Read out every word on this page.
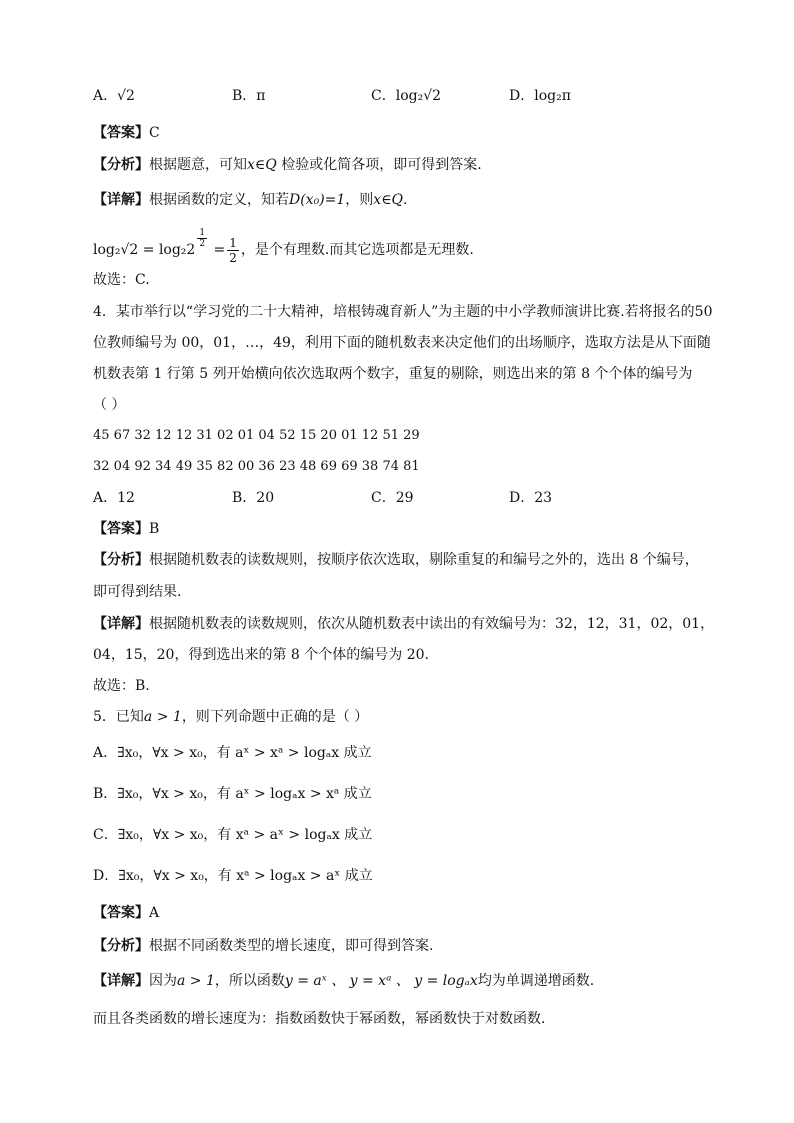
A．√2	B．π	C．log₂√2	D．log₂π
【答案】C
【分析】根据题意，可知x∈Q 检验或化简各项，即可得到答案.
【详解】根据函数的定义，知若D(x₀)=1，则x∈Q.
log₂√2 = log₂2
$^{\frac{1}{2}}$
= $\frac{1}{2}$ ，是个有理数.而其它选项都是无理数.
故选：C.
4．某市举行以“学习党的二十大精神，培根铸魂育新人”为主题的中小学教师演讲比赛.若将报名的50
位教师编号为 00，01，…，49，利用下面的随机数表来决定他们的出场顺序，选取方法是从下面随
机数表第 1 行第 5 列开始横向依次选取两个数字，重复的剔除，则选出来的第 8 个个体的编号为
（ ）
45 67 32 12 12 31 02 01 04 52 15 20 01 12 51 29
32 04 92 34 49 35 82 00 36 23 48 69 69 38 74 81
A．12	B．20	C．29	D．23
【答案】B
【分析】根据随机数表的读数规则，按顺序依次选取，剔除重复的和编号之外的，选出 8 个编号，
即可得到结果.
【详解】根据随机数表的读数规则，依次从随机数表中读出的有效编号为：32，12，31，02，01，
04，15，20，得到选出来的第 8 个个体的编号为 20.
故选：B.
5．已知a > 1，则下列命题中正确的是（ ）
A．∃x₀，∀x > x₀，有 aˣ > xᵃ > logₐx 成立
B．∃x₀，∀x > x₀，有 aˣ > logₐx > xᵃ 成立
C．∃x₀，∀x > x₀，有 xᵃ > aˣ > logₐx 成立
D．∃x₀，∀x > x₀，有 xᵃ > logₐx > aˣ 成立
【答案】A
【分析】根据不同函数类型的增长速度，即可得到答案.
【详解】因为a > 1，所以函数y = aˣ 、 y = xᵃ 、 y = logₐx均为单调递增函数.
而且各类函数的增长速度为：指数函数快于幂函数，幂函数快于对数函数.
